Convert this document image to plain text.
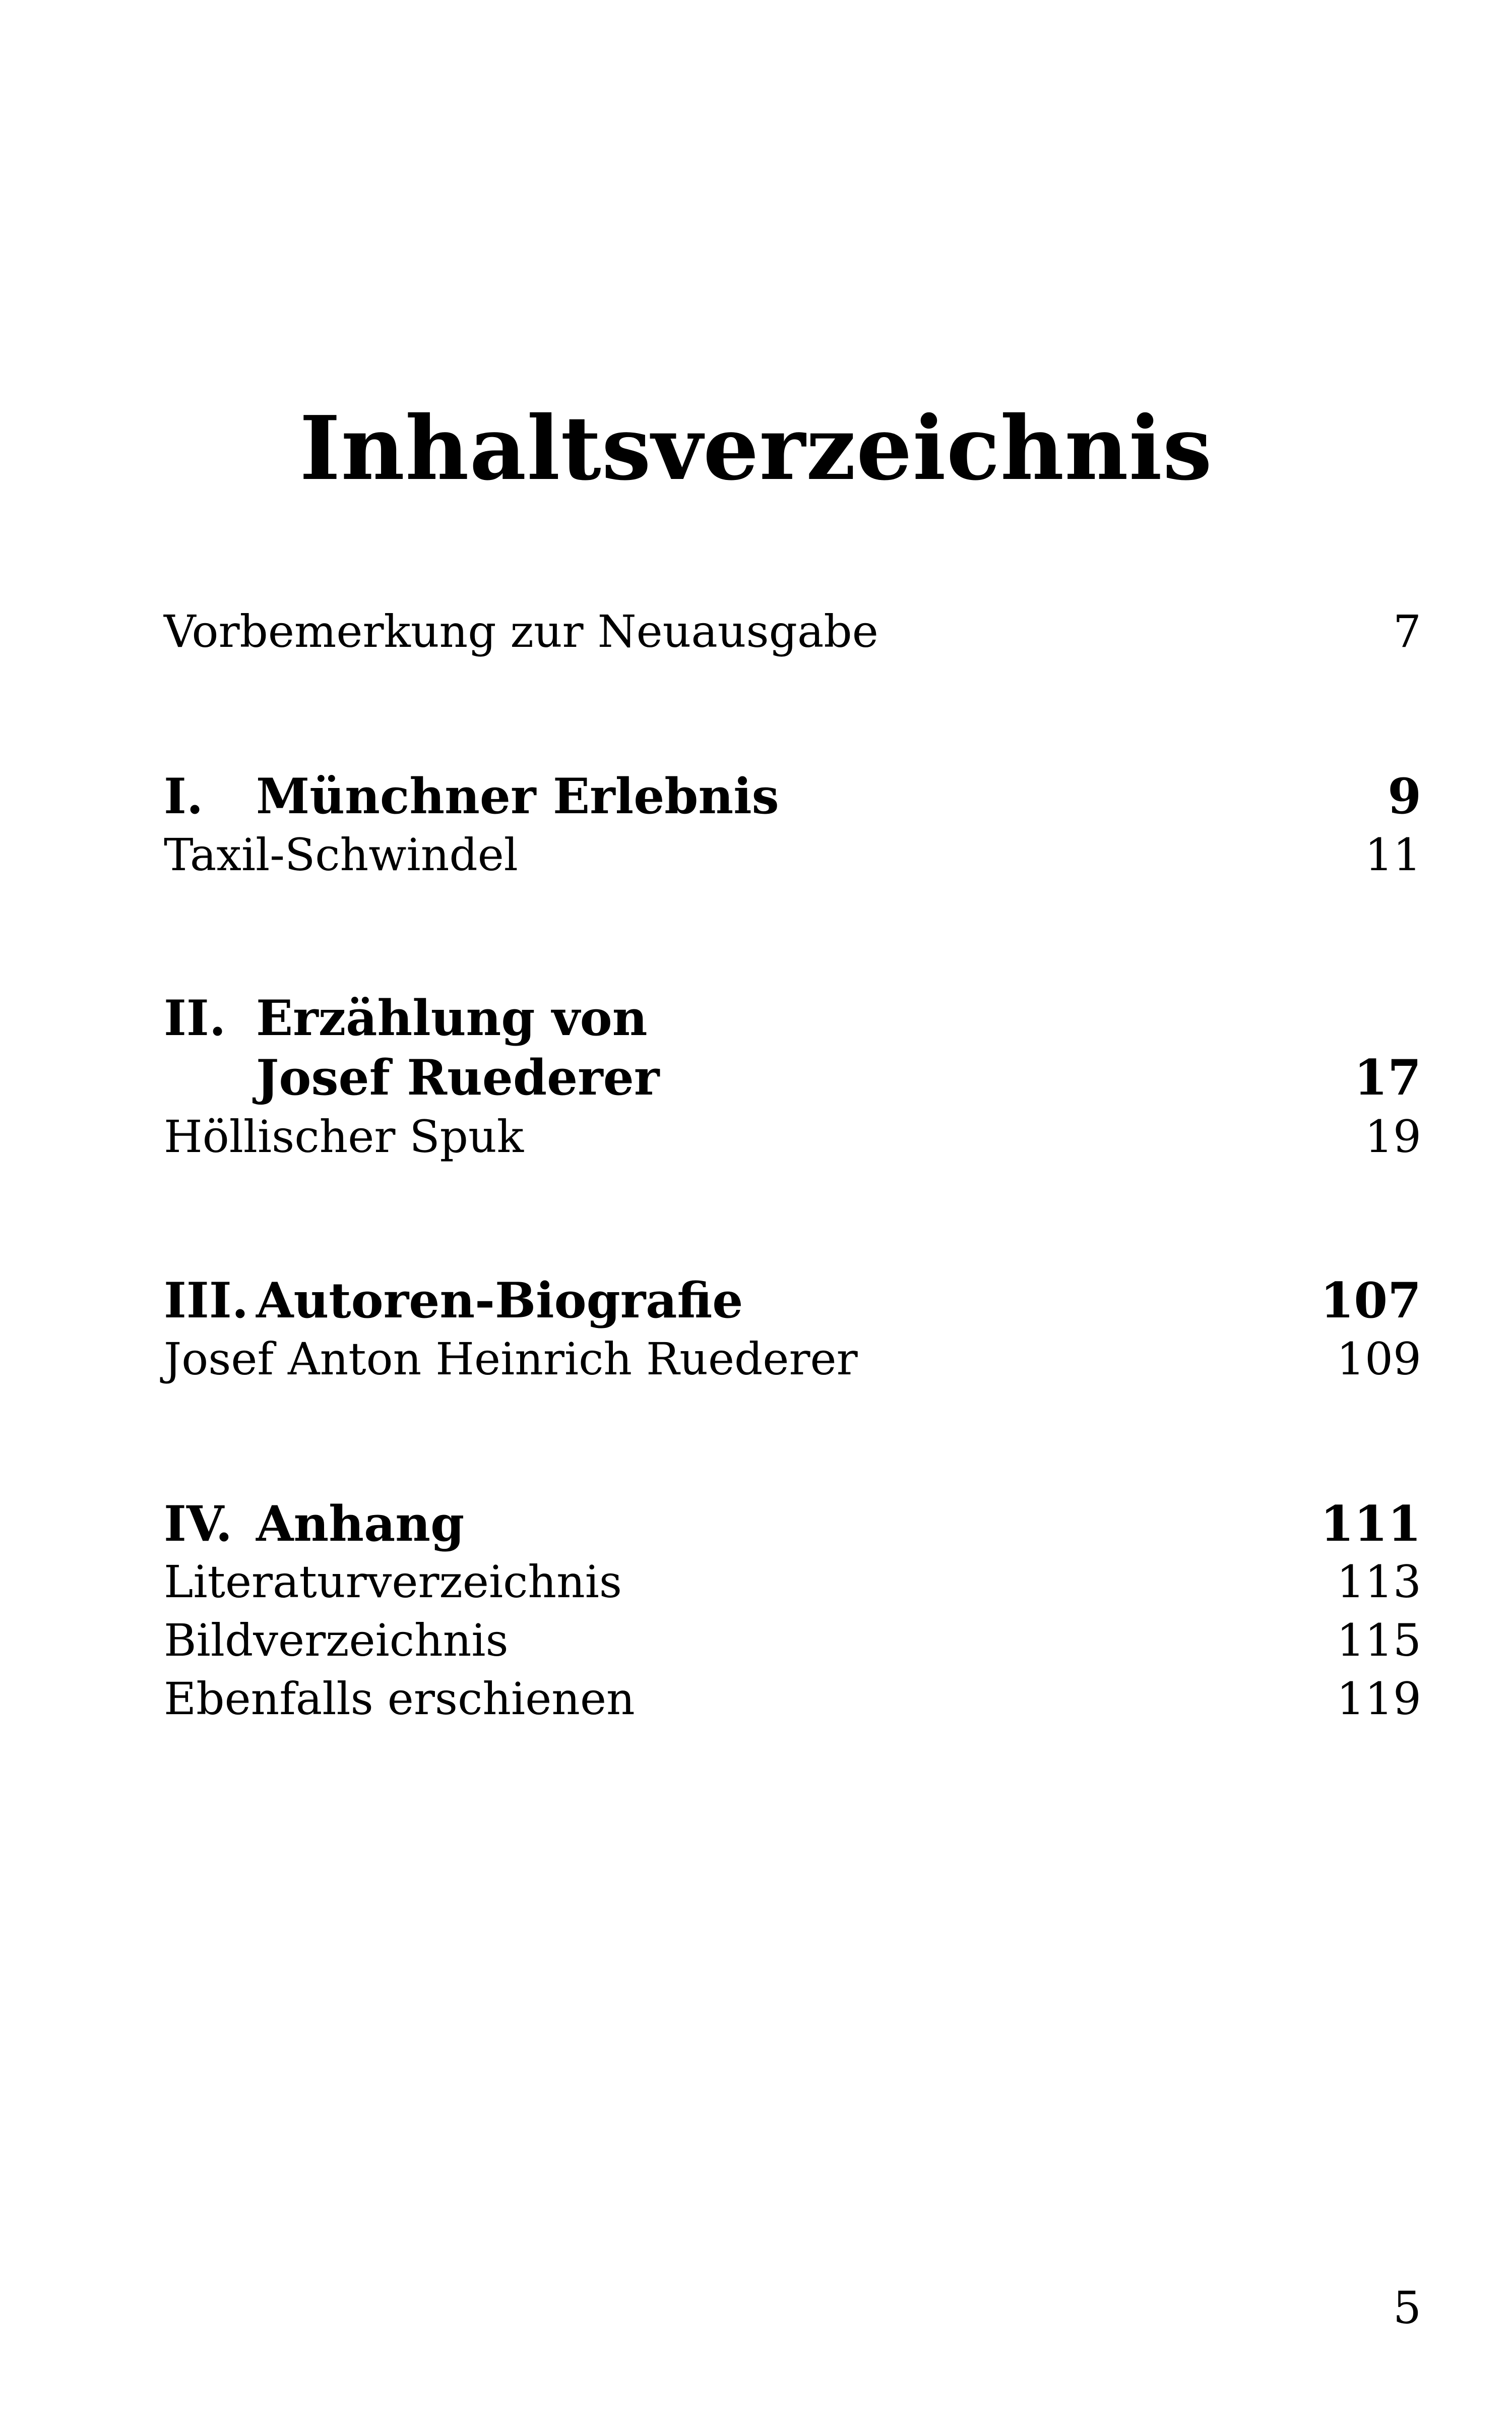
Inhaltsverzeichnis
Vorbemerkung zur Neuausgabe	7
I. Münchner Erlebnis	9
Taxil-Schwindel	11
II. Erzählung von
Josef Ruederer	17
Höllischer Spuk	19
III. Autoren-Biografie	107
Josef Anton Heinrich Ruederer	109
IV. Anhang	111
Literaturverzeichnis	113
Bildverzeichnis	115
Ebenfalls erschienen	119
5
